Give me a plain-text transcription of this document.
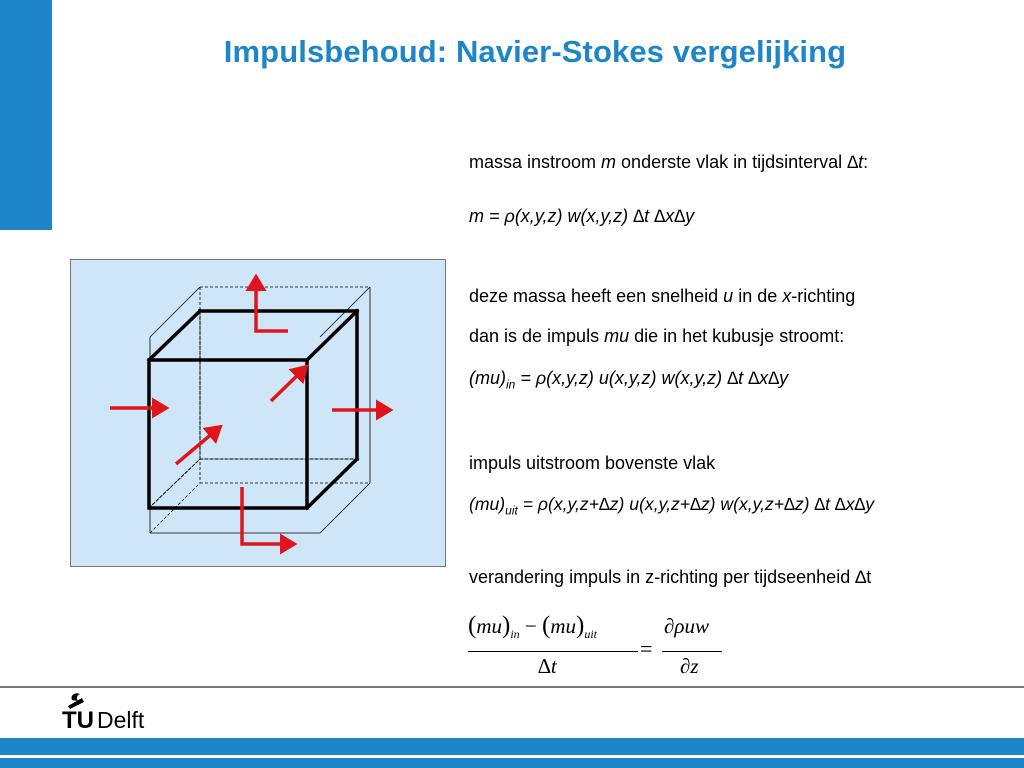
Impulsbehoud: Navier-Stokes vergelijking
massa instroom m onderste vlak in tijdsinterval ∆t:
m = ρ(x,y,z) w(x,y,z) ∆t ∆x∆y
deze massa heeft een snelheid u in de x-richting
dan is de impuls mu die in het kubusje stroomt:
$(mu)_{in} = \rho(x,y,z)$ u(x,y,z) w(x,y,z) ∆t ∆x∆y
impuls uitstroom bovenste vlak
$(mu)_{uit} = \rho(x,y,z+\Delta z)$ u(x,y,z+∆z) w(x,y,z+∆z) ∆t ∆x∆y
verandering impuls in z-richting per tijdseenheid ∆t
$(mu)_{in} - (mu)_{uit}$
∆t
=
∂ρuw
∂z
TU Delft
